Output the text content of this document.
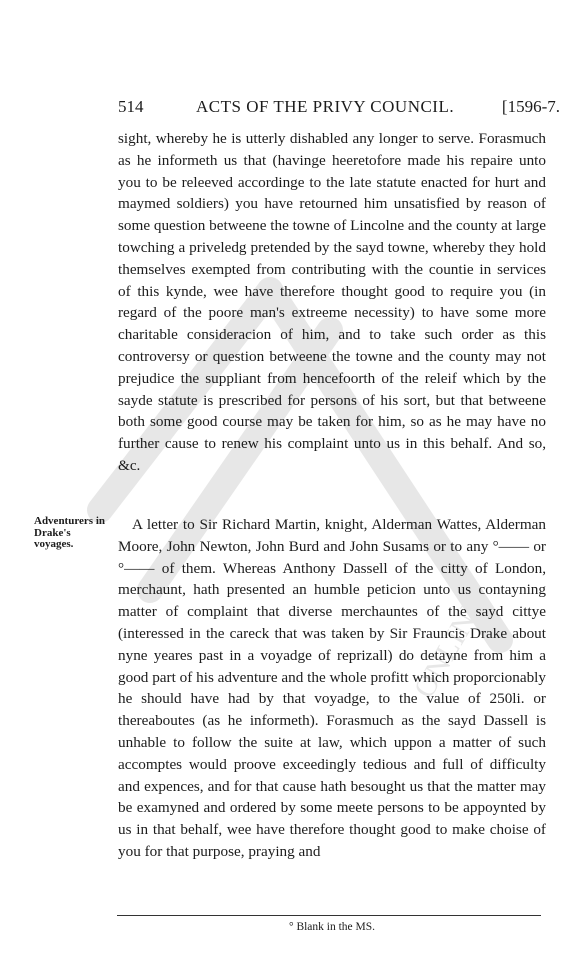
ONLINE
514	ACTS OF THE PRIVY COUNCIL.	[1596-7.
sight, whereby he is utterly dishabled any longer to serve. Forasmuch as he informeth us that (havinge heeretofore made his repaire unto you to be releeved accordinge to the late statute enacted for hurt and maymed soldiers) you have retourned him unsatisfied by reason of some question betweene the towne of Lincolne and the county at large towching a priveledg pretended by the sayd towne, whereby they hold themselves exempted from contributing with the countie in services of this kynde, wee have therefore thought good to require you (in regard of the poore man's extreeme necessity) to have some more charitable consideracion of him, and to take such order as this controversy or question betweene the towne and the county may not prejudice the suppliant from hencefoorth of the releif which by the sayde statute is prescribed for persons of his sort, but that betweene both some good course may be taken for him, so as he may have no further cause to renew his complaint unto us in this behalf. And so, &c.
Adventurers in Drake's voyages.
A letter to Sir Richard Martin, knight, Alderman Wattes, Alderman Moore, John Newton, John Burd and John Susams or to any °—— or °—— of them. Whereas Anthony Dassell of the citty of London, merchaunt, hath presented an humble peticion unto us contayning matter of complaint that diverse merchauntes of the sayd cittye (interessed in the careck that was taken by Sir Frauncis Drake about nyne yeares past in a voyadge of reprizall) do detayne from him a good part of his adventure and the whole profitt which proporcionably he should have had by that voyadge, to the value of 250li. or thereaboutes (as he informeth). Forasmuch as the sayd Dassell is unhable to follow the suite at law, which uppon a matter of such accomptes would proove exceedingly tedious and full of difficulty and expences, and for that cause hath besought us that the matter may be examyned and ordered by some meete persons to be appoynted by us in that behalf, wee have therefore thought good to make choise of you for that purpose, praying and
° Blank in the MS.
